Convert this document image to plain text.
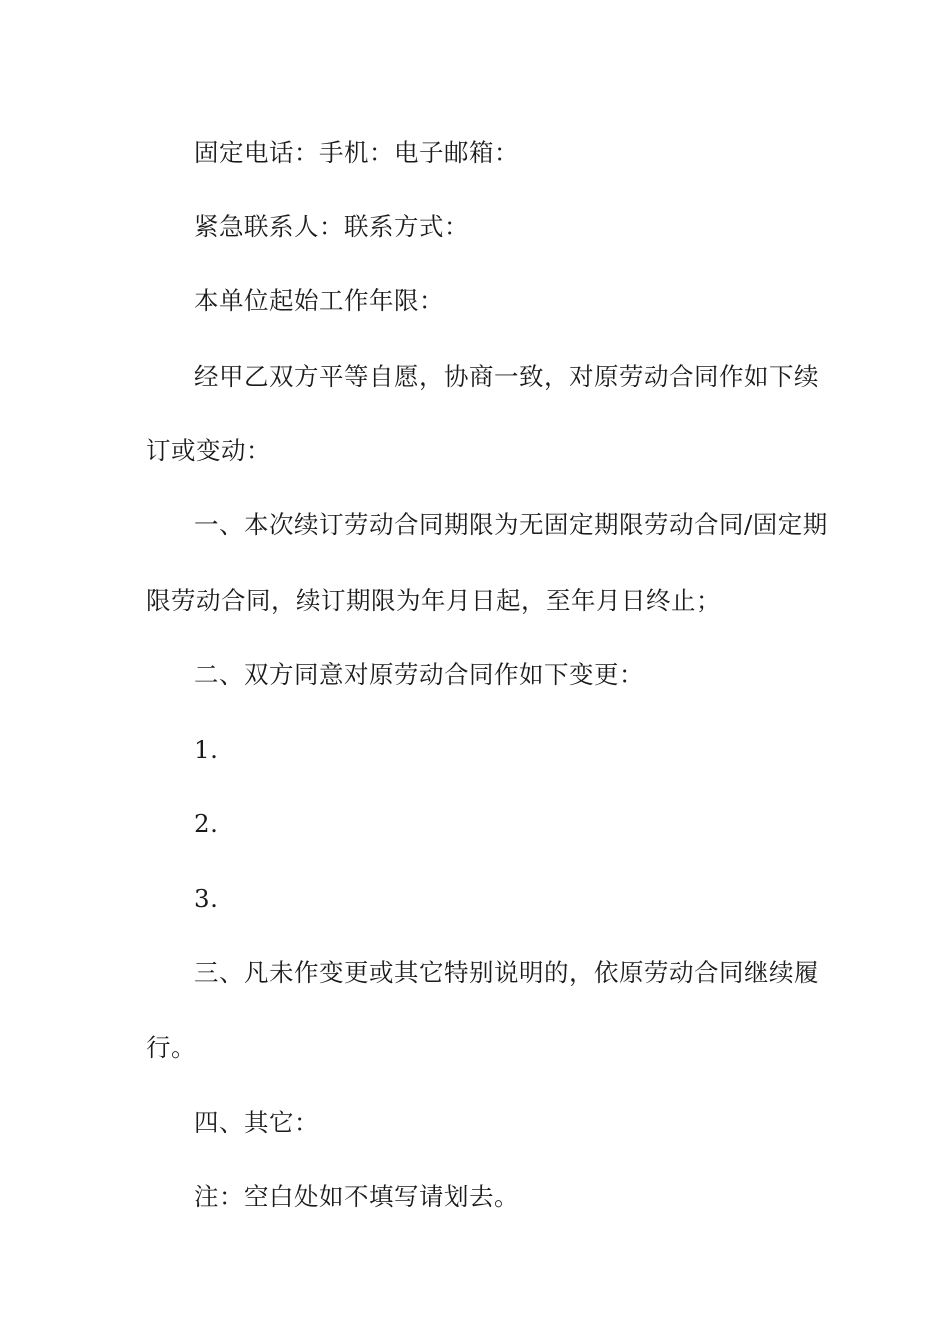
固定电话：手机：电子邮箱：
紧急联系人：联系方式：
本单位起始工作年限：
经甲乙双方平等自愿，协商一致，对原劳动合同作如下续
订或变动：
一、本次续订劳动合同期限为无固定期限劳动合同/固定期
限劳动合同，续订期限为年月日起，至年月日终止；
二、双方同意对原劳动合同作如下变更：
1.
2.
3.
三、凡未作变更或其它特别说明的，依原劳动合同继续履
行。
四、其它：
注：空白处如不填写请划去。
